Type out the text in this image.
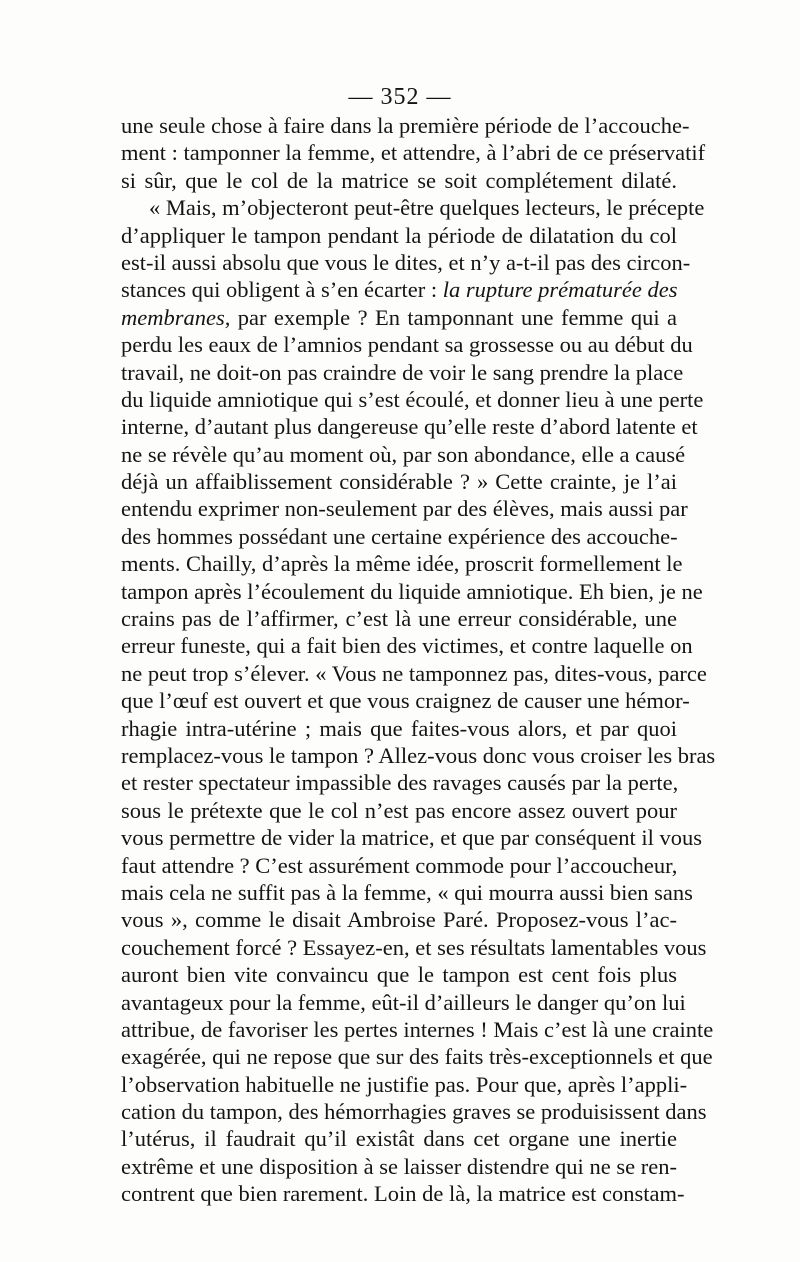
— 352 —
une seule chose à faire dans la première période de l’accouche-
ment : tamponner la femme, et attendre, à l’abri de ce préservatif
si sûr, que le col de la matrice se soit complétement dilaté.
« Mais, m’objecteront peut-être quelques lecteurs, le précepte
d’appliquer le tampon pendant la période de dilatation du col
est-il aussi absolu que vous le dites, et n’y a-t-il pas des circon-
stances qui obligent à s’en écarter : la rupture prématurée des
membranes, par exemple ? En tamponnant une femme qui a
perdu les eaux de l’amnios pendant sa grossesse ou au début du
travail, ne doit-on pas craindre de voir le sang prendre la place
du liquide amniotique qui s’est écoulé, et donner lieu à une perte
interne, d’autant plus dangereuse qu’elle reste d’abord latente et
ne se révèle qu’au moment où, par son abondance, elle a causé
déjà un affaiblissement considérable ? » Cette crainte, je l’ai
entendu exprimer non-seulement par des élèves, mais aussi par
des hommes possédant une certaine expérience des accouche-
ments. Chailly, d’après la même idée, proscrit formellement le
tampon après l’écoulement du liquide amniotique. Eh bien, je ne
crains pas de l’affirmer, c’est là une erreur considérable, une
erreur funeste, qui a fait bien des victimes, et contre laquelle on
ne peut trop s’élever. « Vous ne tamponnez pas, dites-vous, parce
que l’œuf est ouvert et que vous craignez de causer une hémor-
rhagie intra-utérine ; mais que faites-vous alors, et par quoi
remplacez-vous le tampon ? Allez-vous donc vous croiser les bras
et rester spectateur impassible des ravages causés par la perte,
sous le prétexte que le col n’est pas encore assez ouvert pour
vous permettre de vider la matrice, et que par conséquent il vous
faut attendre ? C’est assurément commode pour l’accoucheur,
mais cela ne suffit pas à la femme, « qui mourra aussi bien sans
vous », comme le disait Ambroise Paré. Proposez-vous l’ac-
couchement forcé ? Essayez-en, et ses résultats lamentables vous
auront bien vite convaincu que le tampon est cent fois plus
avantageux pour la femme, eût-il d’ailleurs le danger qu’on lui
attribue, de favoriser les pertes internes ! Mais c’est là une crainte
exagérée, qui ne repose que sur des faits très-exceptionnels et que
l’observation habituelle ne justifie pas. Pour que, après l’appli-
cation du tampon, des hémorrhagies graves se produisissent dans
l’utérus, il faudrait qu’il existât dans cet organe une inertie
extrême et une disposition à se laisser distendre qui ne se ren-
contrent que bien rarement. Loin de là, la matrice est constam-
